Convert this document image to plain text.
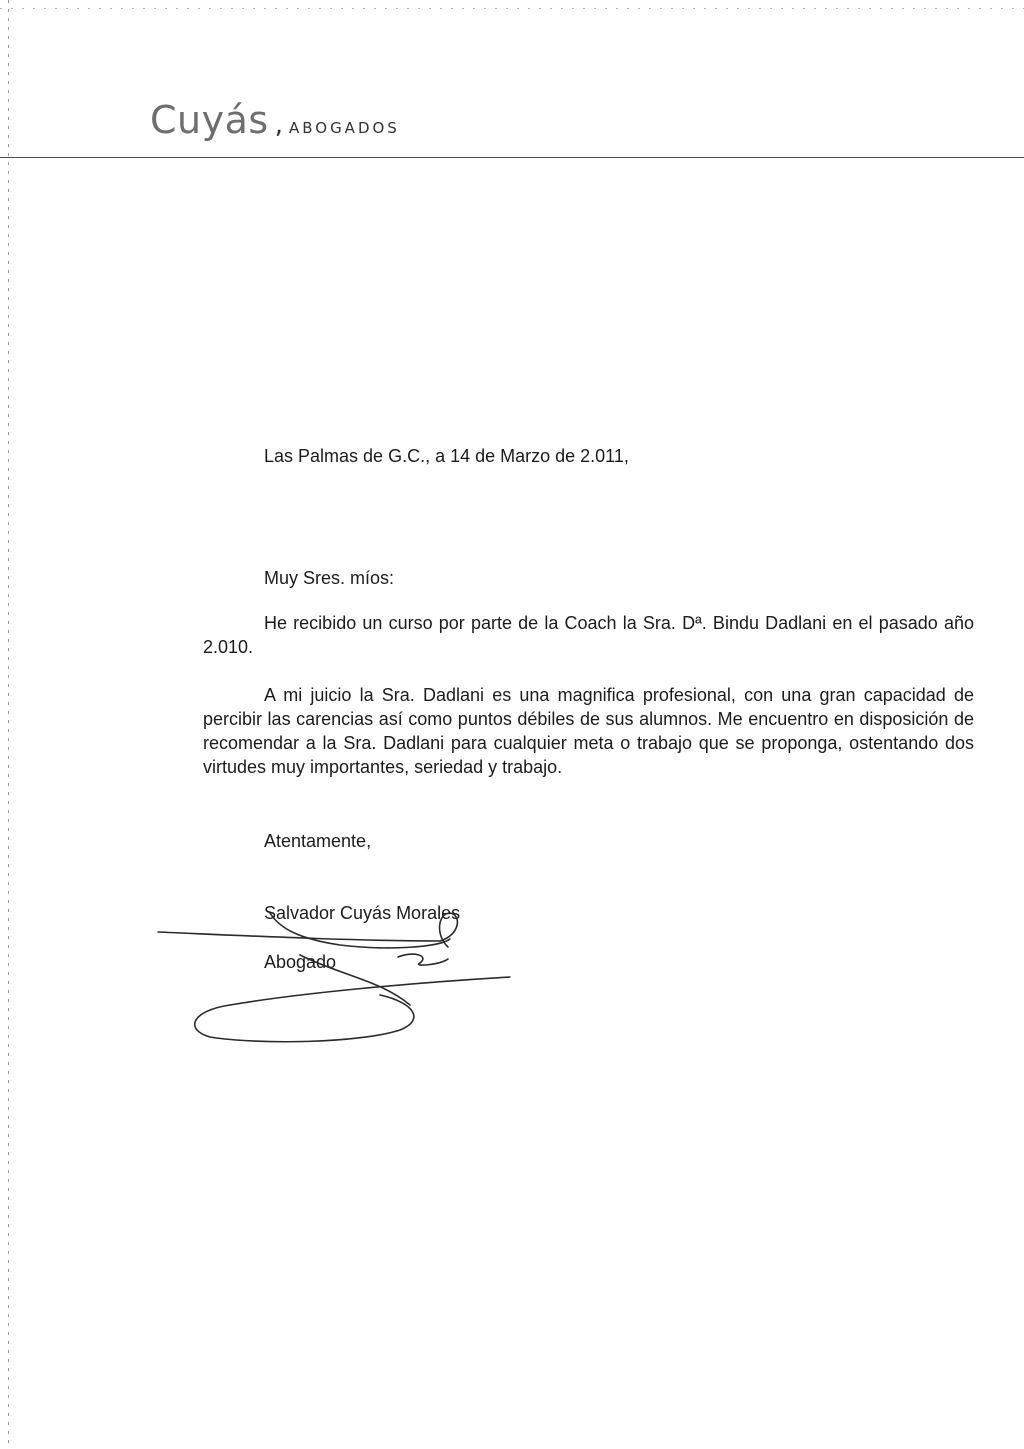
Cuyás , ABOGADOS
Las Palmas de G.C., a 14 de Marzo de 2.011,
Muy Sres. míos:
He recibido un curso por parte de la Coach la Sra. Dª. Bindu Dadlani en el pasado año 2.010.
A mi juicio la Sra. Dadlani es una magnifica profesional, con una gran capacidad de percibir las carencias así como puntos débiles de sus alumnos. Me encuentro en disposición de recomendar a la Sra. Dadlani para cualquier meta o trabajo que se proponga, ostentando dos virtudes muy importantes, seriedad y trabajo.
Atentamente,
Salvador Cuyás Morales
Abogado
